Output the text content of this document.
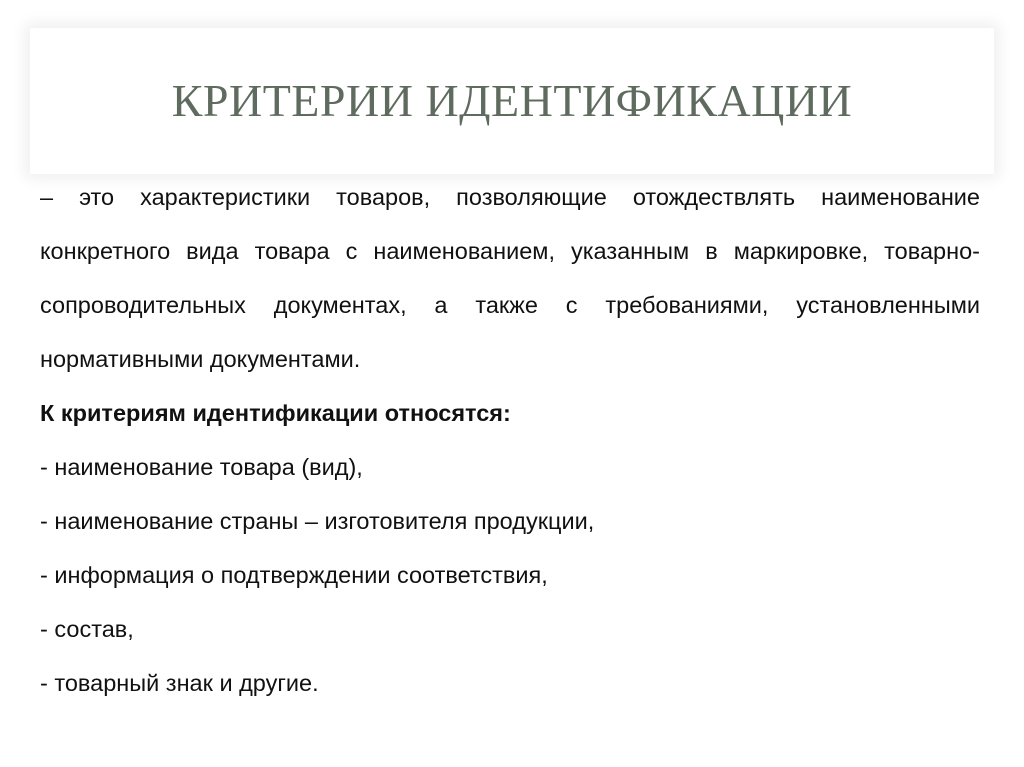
КРИТЕРИИ ИДЕНТИФИКАЦИИ

– это характеристики товаров, позволяющие отождествлять наименование конкретного вида товара с наименованием, указанным в маркировке, товарно-сопроводительных документах, а также с требованиями, установленными нормативными документами.

К критериям идентификации относятся:

- наименование товара (вид),
- наименование страны – изготовителя продукции,
- информация о подтверждении соответствия,
- состав,
- товарный знак и другие.
